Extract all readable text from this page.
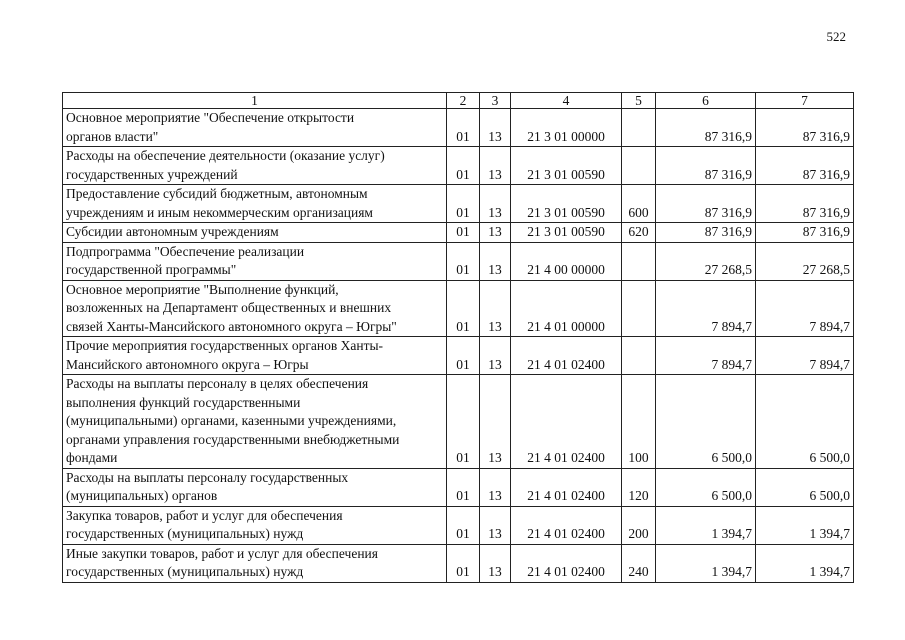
522
1	2	3	4	5	6	7
Основное мероприятие "Обеспечение открытости
органов власти"	01	13	21 3 01 00000		87 316,9	87 316,9
Расходы на обеспечение деятельности (оказание услуг)
государственных учреждений	01	13	21 3 01 00590		87 316,9	87 316,9
Предоставление субсидий бюджетным, автономным
учреждениям и иным некоммерческим организациям	01	13	21 3 01 00590	600	87 316,9	87 316,9
Субсидии автономным учреждениям	01	13	21 3 01 00590	620	87 316,9	87 316,9
Подпрограмма "Обеспечение реализации
государственной программы"	01	13	21 4 00 00000		27 268,5	27 268,5
Основное мероприятие "Выполнение функций,
возложенных на Департамент общественных и внешних
связей Ханты-Мансийского автономного округа – Югры"	01	13	21 4 01 00000		7 894,7	7 894,7
Прочие мероприятия государственных органов Ханты-
Мансийского автономного округа – Югры	01	13	21 4 01 02400		7 894,7	7 894,7
Расходы на выплаты персоналу в целях обеспечения
выполнения функций государственными
(муниципальными) органами, казенными учреждениями,
органами управления государственными внебюджетными
фондами	01	13	21 4 01 02400	100	6 500,0	6 500,0
Расходы на выплаты персоналу государственных
(муниципальных) органов	01	13	21 4 01 02400	120	6 500,0	6 500,0
Закупка товаров, работ и услуг для обеспечения
государственных (муниципальных) нужд	01	13	21 4 01 02400	200	1 394,7	1 394,7
Иные закупки товаров, работ и услуг для обеспечения
государственных (муниципальных) нужд	01	13	21 4 01 02400	240	1 394,7	1 394,7
